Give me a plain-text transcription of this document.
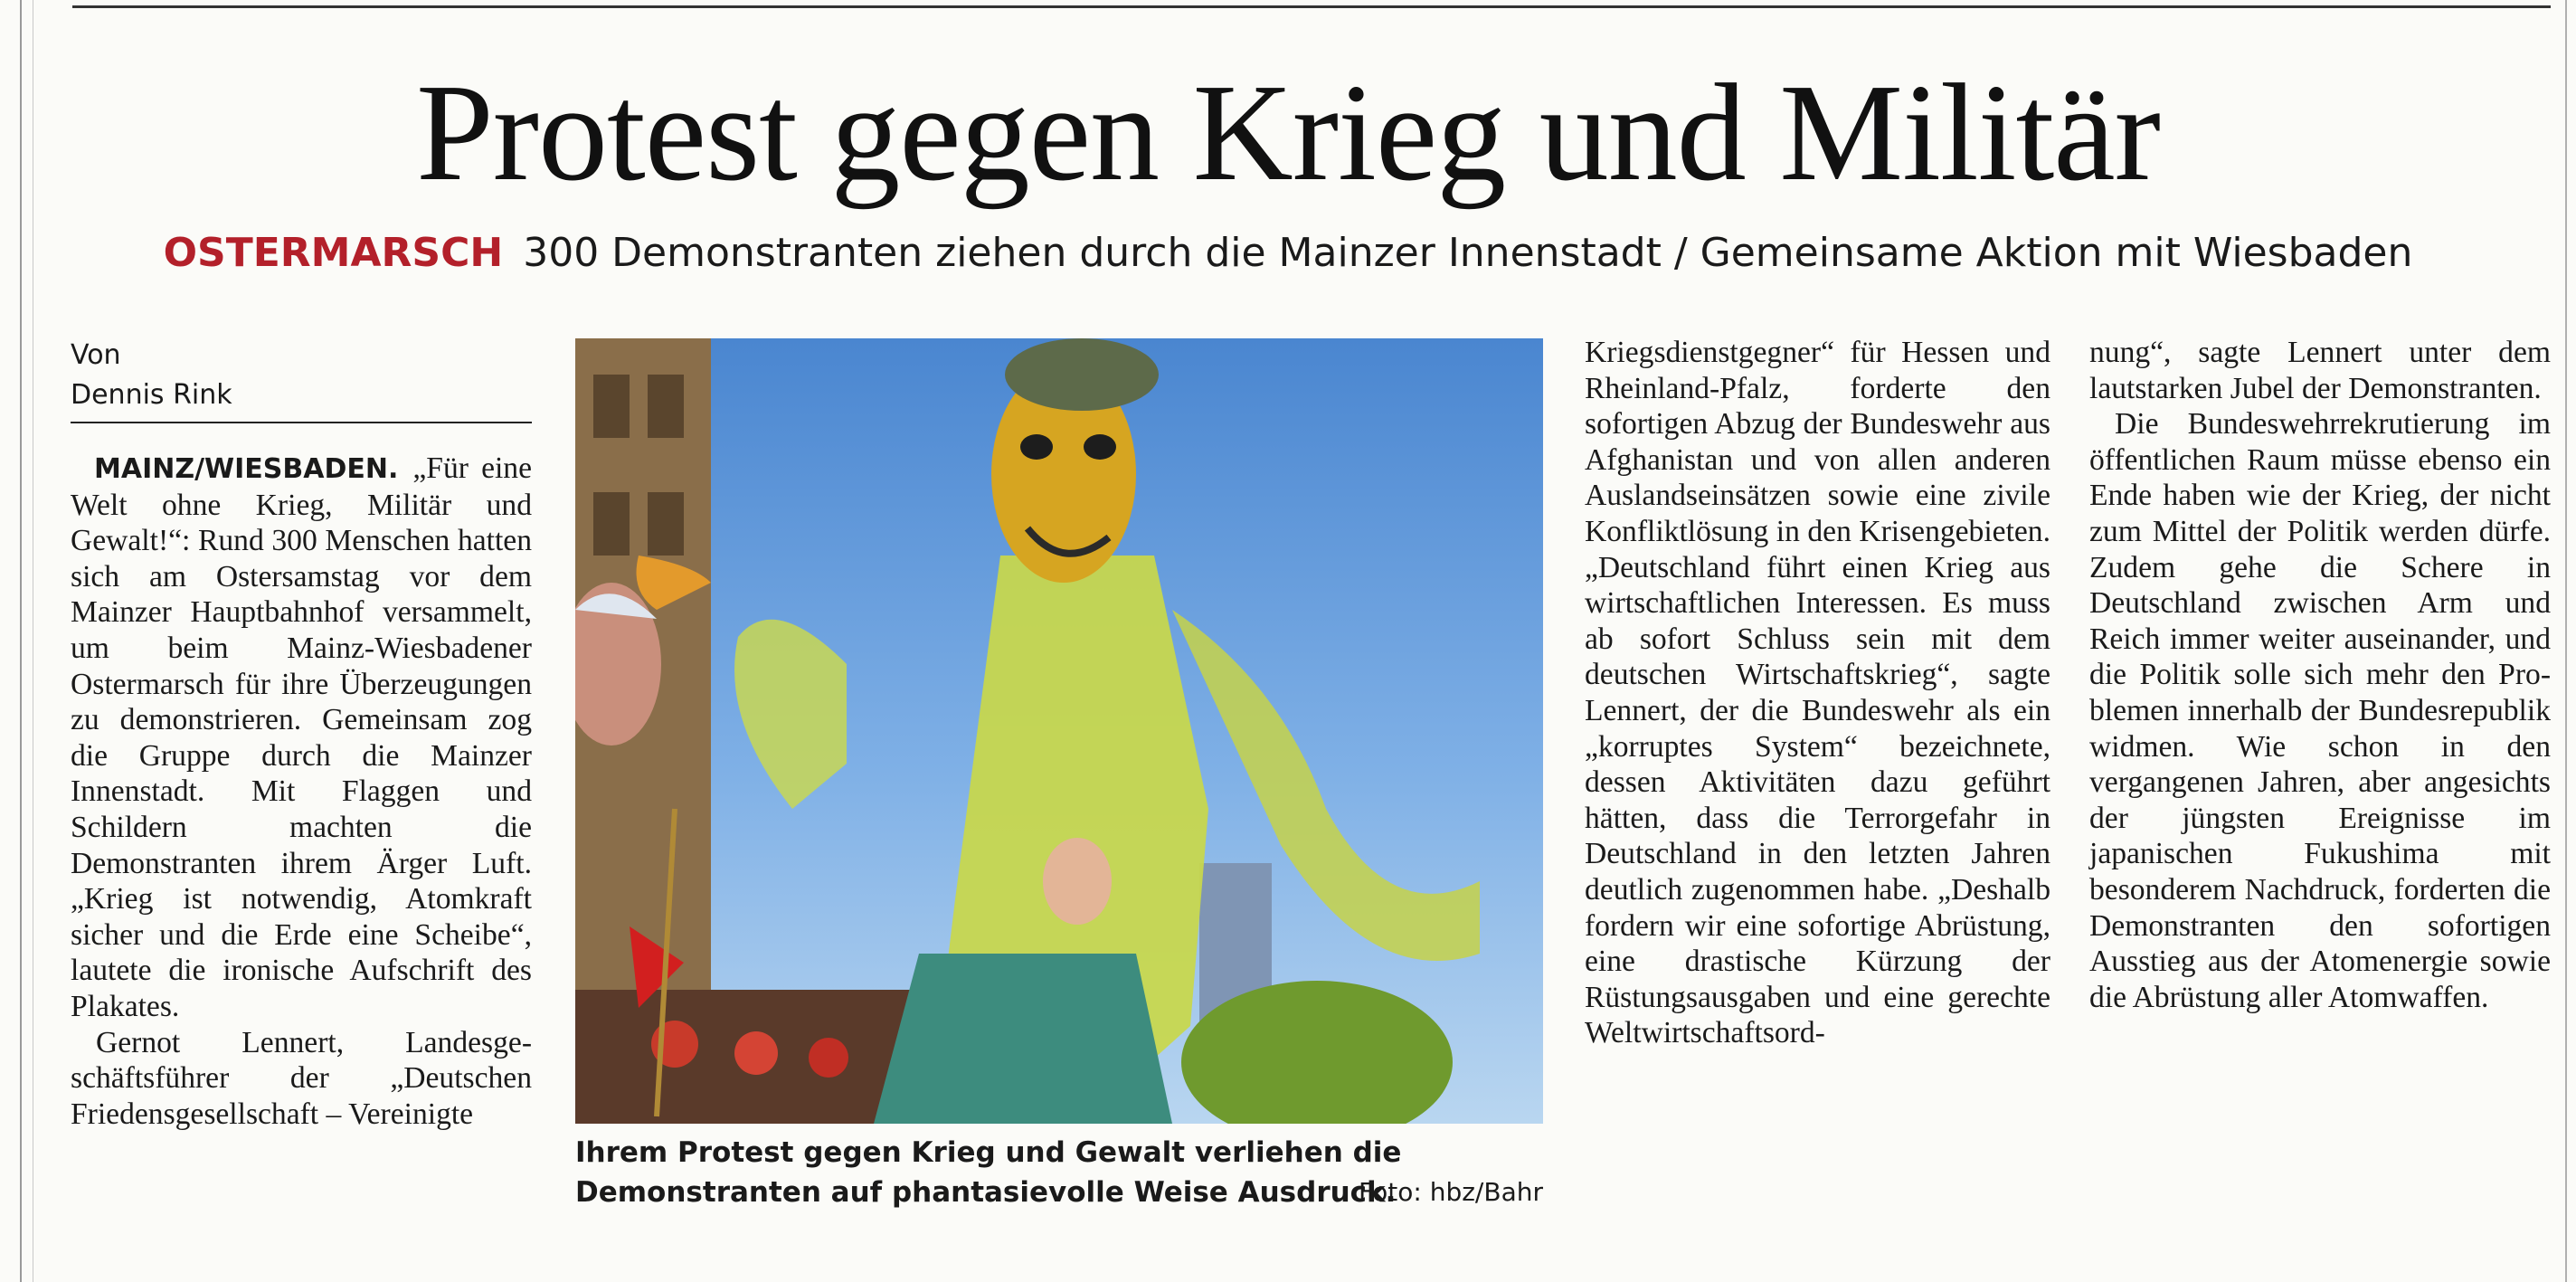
Protest gegen Krieg und Militär
OSTERMARSCH 300 Demonstranten ziehen durch die Mainzer Innenstadt / Gemeinsame Aktion mit Wiesbaden
Von
Dennis Rink

MAINZ/WIESBADEN. „Für eine Welt ohne Krieg, Militär und Gewalt!“: Rund 300 Menschen hatten sich am Ostersamstag vor dem Mainzer Hauptbahnhof versammelt, um beim Mainz-Wiesbadener Ostermarsch für ihre Überzeugungen zu demonstrieren. Gemeinsam zog die Gruppe durch die Mainzer Innenstadt. Mit Flaggen und Schildern machten die Demonstranten ihrem Ärger Luft. „Krieg ist notwendig, Atomkraft sicher und die Erde eine Scheibe“, lautete die ironische Aufschrift des Plakates.

Gernot Lennert, Landesgeschäftsführer der „Deutschen Friedensgesellschaft – Vereinigte

Ihrem Protest gegen Krieg und Gewalt verliehen die Demonstranten auf phantasievolle Weise Ausdruck.
Foto: hbz/Bahr

Kriegsdienstgegner“ für Hessen und Rheinland-Pfalz, forderte den sofortigen Abzug der Bundeswehr aus Afghanistan und von allen anderen Auslandseinsätzen sowie eine zivile Konfliktlösung in den Krisengebieten. „Deutschland führt einen Krieg aus wirtschaftlichen Interessen. Es muss ab sofort Schluss sein mit dem deutschen Wirtschaftskrieg“, sagte Lennert, der die Bundeswehr als ein „korruptes System“ bezeichnete, dessen Aktivitäten dazu geführt hätten, dass die Terrorgefahr in Deutschland in den letzten Jahren deutlich zugenommen habe. „Deshalb fordern wir eine sofortige Abrüstung, eine drastische Kürzung der Rüstungsausgaben und eine gerechte Weltwirtschaftsord-

nung“, sagte Lennert unter dem lautstarken Jubel der Demonstranten.

Die Bundeswehrrekrutierung im öffentlichen Raum müsse ebenso ein Ende haben wie der Krieg, der nicht zum Mittel der Politik werden dürfe. Zudem gehe die Schere in Deutschland zwischen Arm und Reich immer weiter auseinander, und die Politik solle sich mehr den Problemen innerhalb der Bundesrepublik widmen. Wie schon in den vergangenen Jahren, aber angesichts der jüngsten Ereignisse im japanischen Fukushima mit besonderem Nachdruck, forderten die Demonstranten den sofortigen Ausstieg aus der Atomenergie sowie die Abrüstung aller Atomwaffen.
